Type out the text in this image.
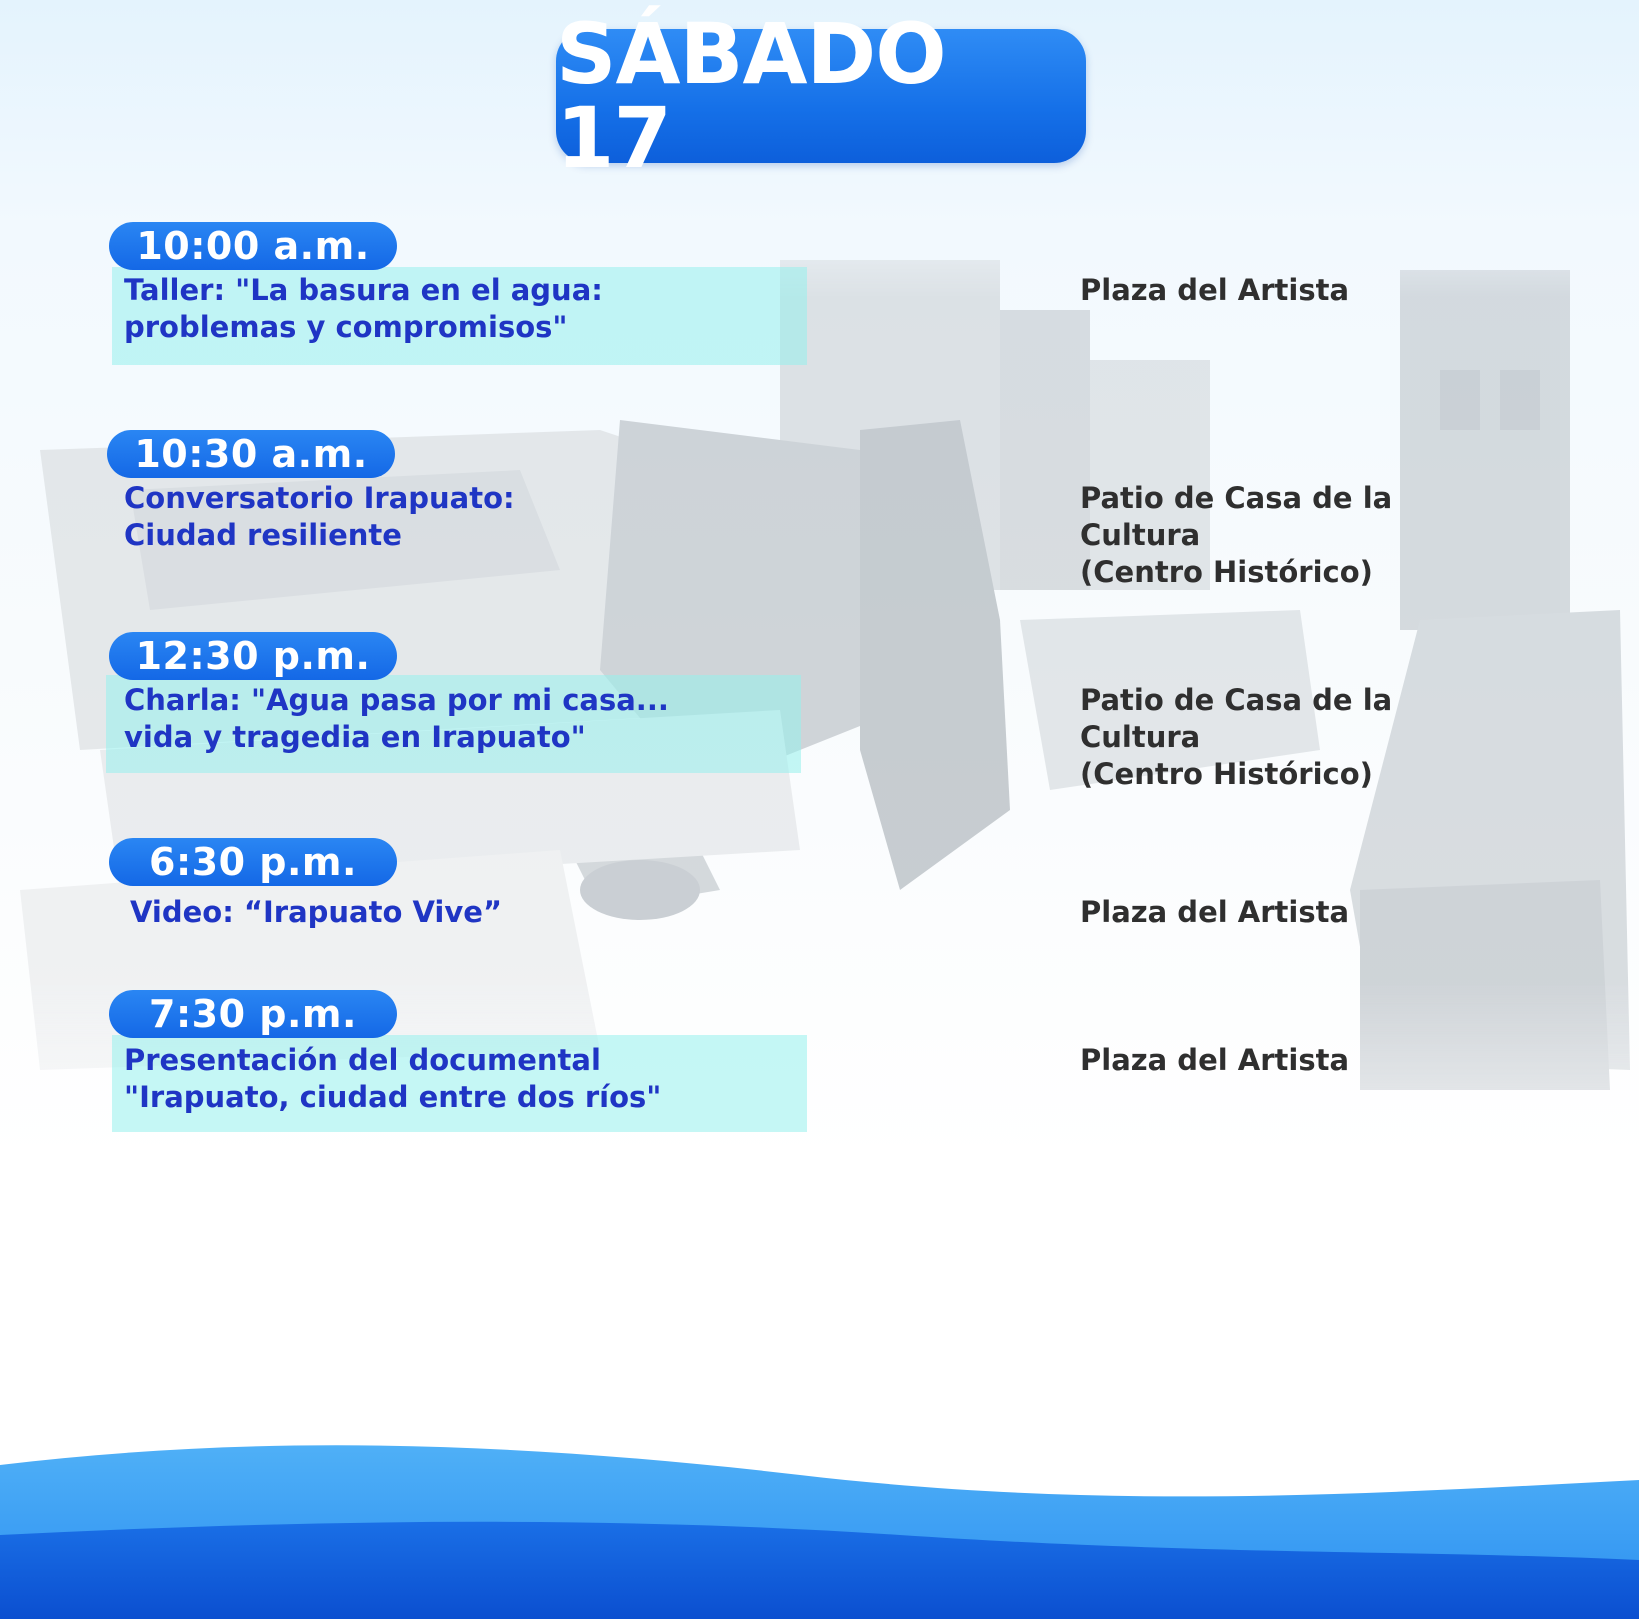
SÁBADO 17
10:00 a.m.
Taller: "La basura en el agua:
problemas y compromisos"
Plaza del Artista
10:30 a.m.
Conversatorio Irapuato:
Ciudad resiliente
Patio de Casa de la
Cultura
(Centro Histórico)
12:30 p.m.
Charla: "Agua pasa por mi casa...
vida y tragedia en Irapuato"
Patio de Casa de la
Cultura
(Centro Histórico)
6:30 p.m.
Video: “Irapuato Vive”	Plaza del Artista
7:30 p.m.
Presentación del documental
"Irapuato, ciudad entre dos ríos"
Plaza del Artista
